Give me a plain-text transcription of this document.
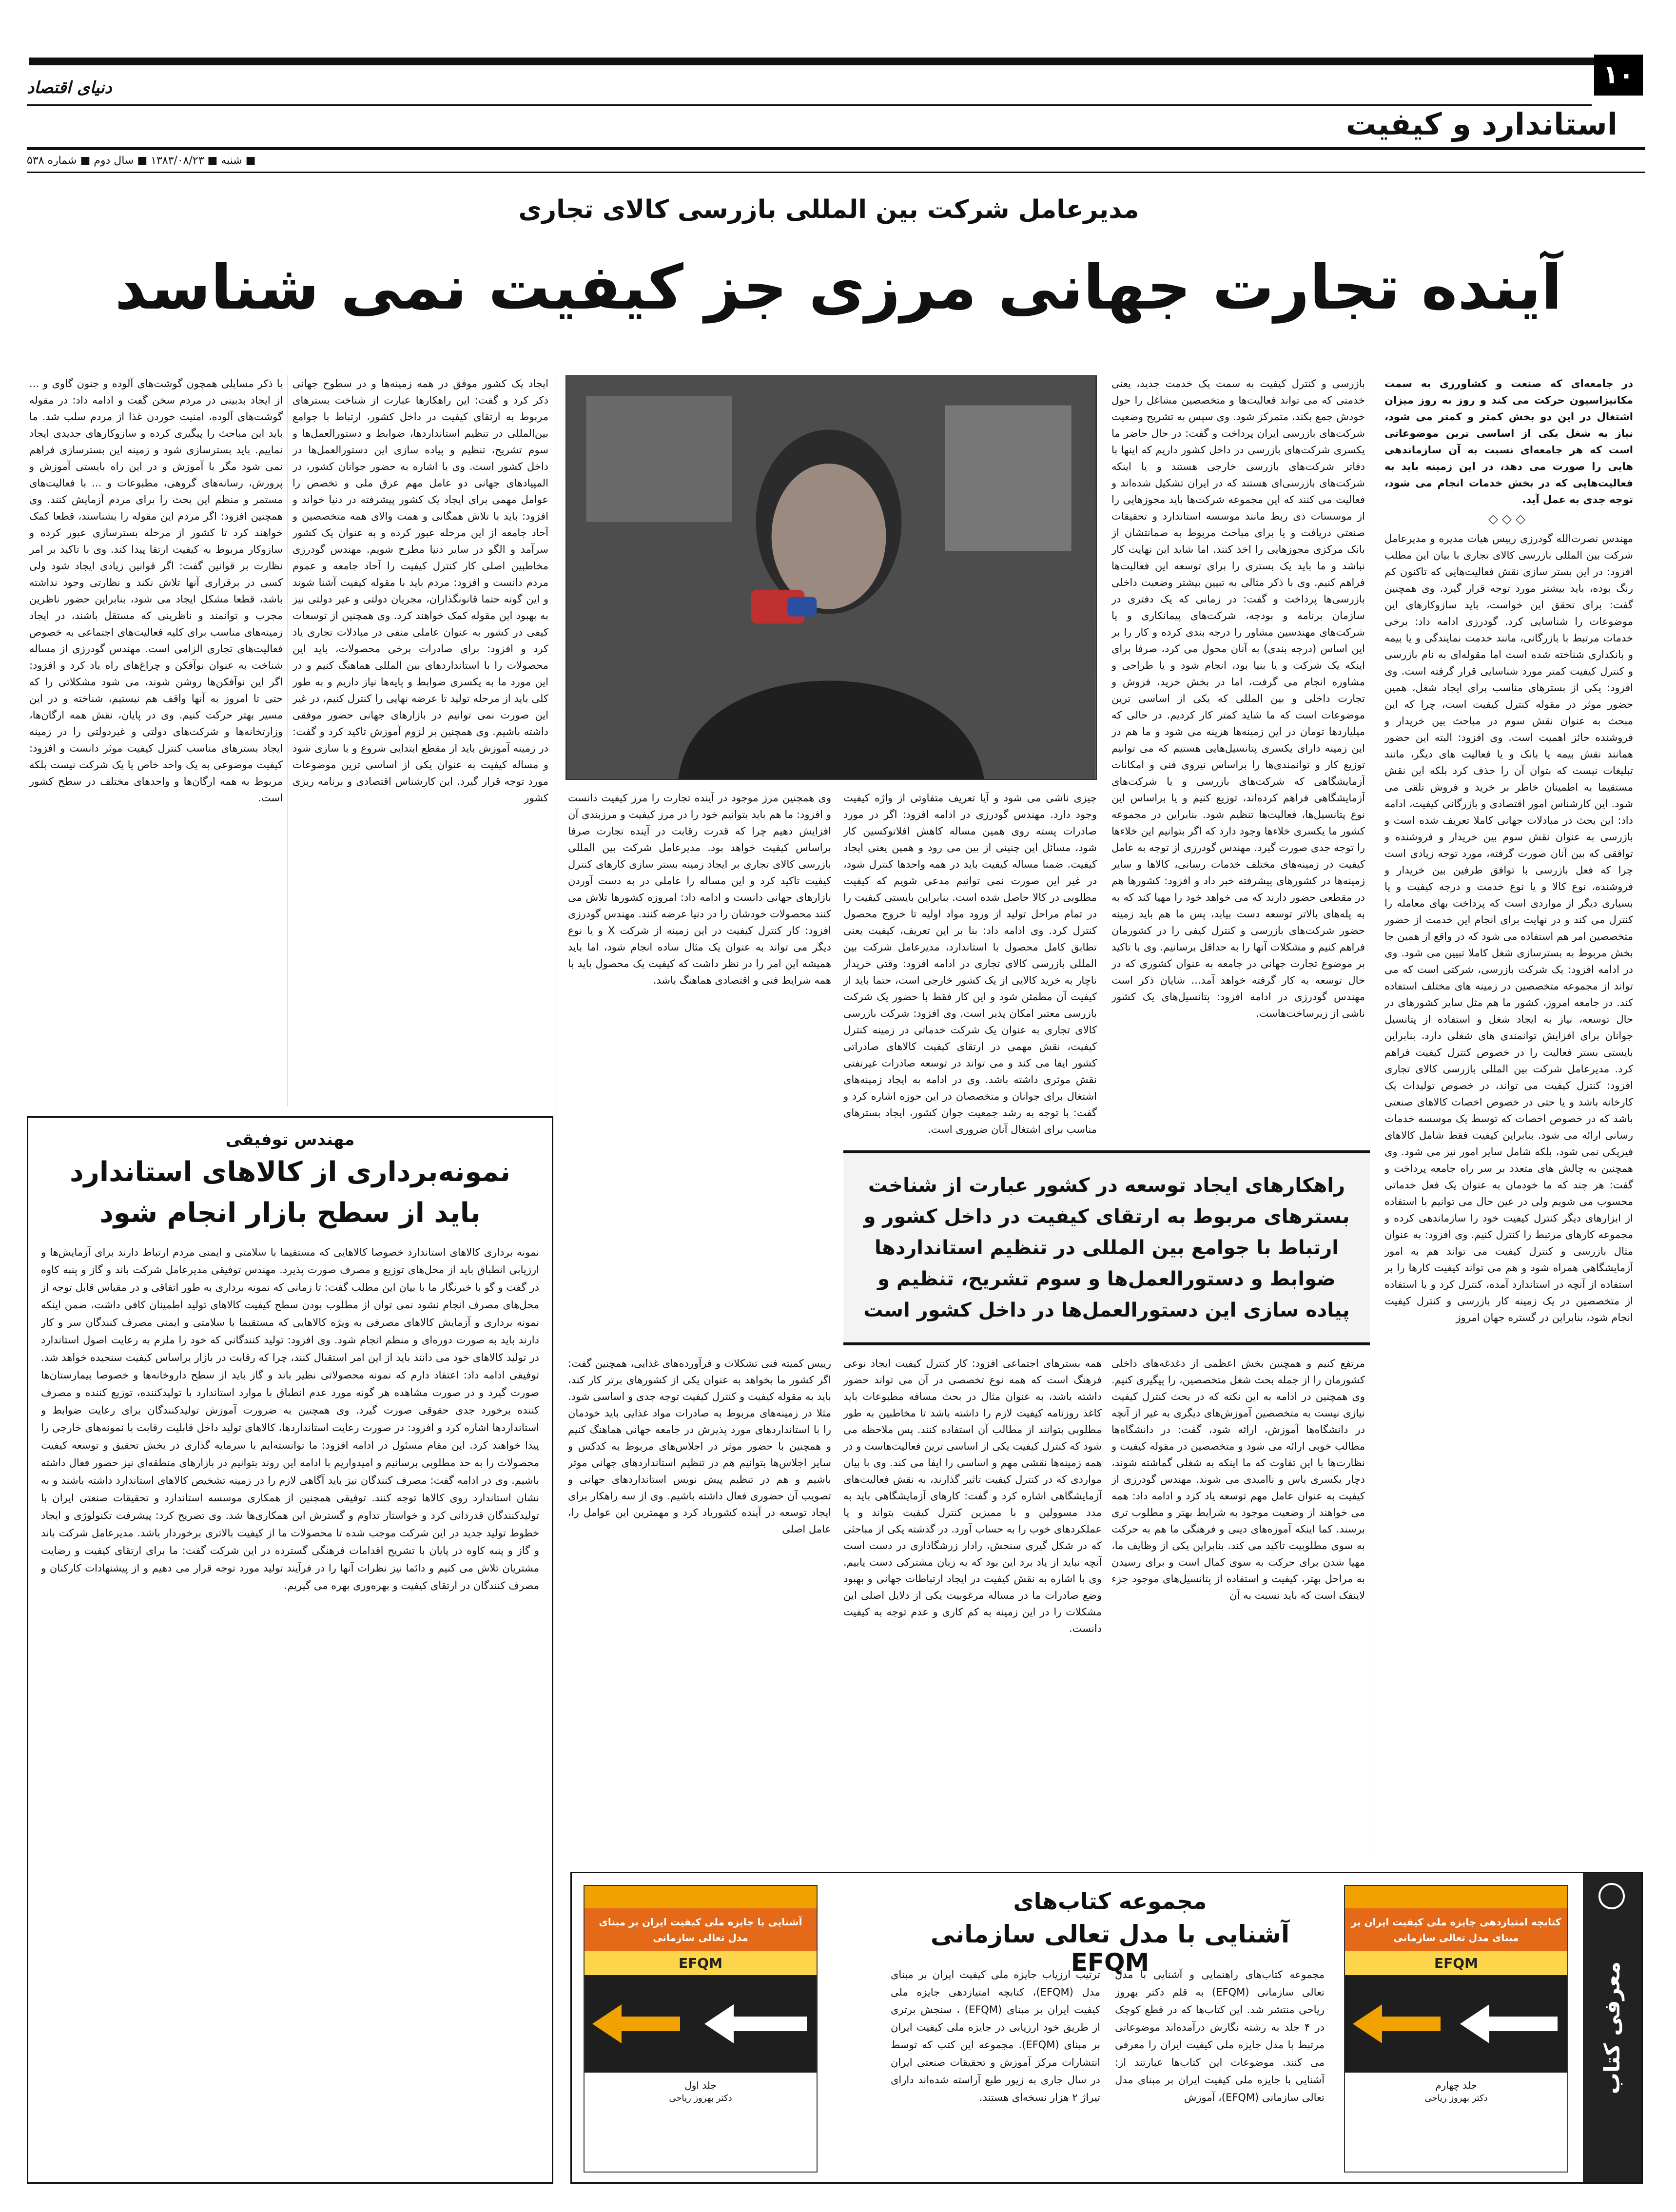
۱۰
دنیای اقتصاد
استاندارد و کیفیت
■ شنبه ■ ۱۳۸۳/۰۸/۲۳ ■ سال دوم ■ شماره ۵۳۸
مدیرعامل شرکت بین المللی بازرسی کالای تجاری
آینده تجارت جهانی مرزی جز کیفیت نمی شناسد

در جامعه‌ای که صنعت و کشاورزی به سمت مکانیزاسیون حرکت می کند و روز به روز میزان اشتغال در این دو بخش کمتر و کمتر می شود، نیاز به شغل یکی از اساسی ترین موضوعاتی است که هر جامعه‌ای نسبت به آن سازماندهی هایی را صورت می دهد، در این زمینه باید به فعالیت‌هایی که در بخش خدمات انجام می شود، توجه جدی به عمل آید.

◇◇◇

مهندس نصرت‌الله گودرزی رییس هیات مدیره و مدیرعامل شرکت بین المللی بازرسی کالای تجاری با بیان این مطلب افزود: در این بستر سازی نقش فعالیت‌هایی که تاکنون کم رنگ بوده، باید بیشتر مورد توجه قرار گیرد. وی همچنین گفت: برای تحقق این خواست، باید سازوکارهای این موضوعات را شناسایی کرد. گودرزی ادامه داد: برخی خدمات مرتبط با بازرگانی، مانند خدمت نمایندگی و یا بیمه و بانکداری شناخته شده است اما مقوله‌ای به نام بازرسی و کنترل کیفیت کمتر مورد شناسایی قرار گرفته است. وی افزود: یکی از بسترهای مناسب برای ایجاد شغل، همین حضور موثر در مقوله کنترل کیفیت است، چرا که این مبحث به عنوان نقش سوم در مباحث بین خریدار و فروشنده حائز اهمیت است. وی افزود: البته این حضور همانند نقش بیمه یا بانک و یا فعالیت های دیگر، مانند تبلیغات نیست که بتوان آن را حذف کرد بلکه این نقش مستقیما به اطمینان خاطر بر خرید و فروش تلقی می شود. این کارشناس امور اقتصادی و بازرگانی کیفیت، ادامه داد: این بحث در مبادلات جهانی کاملا تعریف شده است و بازرسی به عنوان نقش سوم بین خریدار و فروشنده و توافقی که بین آنان صورت گرفته، مورد توجه زیادی است چرا که فعل بازرسی با توافق طرفین بین خریدار و فروشنده، نوع کالا و یا نوع خدمت و درجه کیفیت و یا بسیاری دیگر از مواردی است که پرداخت بهای معامله را کنترل می کند و در نهایت برای انجام این خدمت از حضور متخصصین امر هم استفاده می شود که در واقع از همین جا بخش مربوط به بسترسازی شغل کاملا تبیین می شود. وی در ادامه افزود: یک شرکت بازرسی، شرکتی است که می تواند از مجموعه متخصصین در زمینه های مختلف استفاده کند. در جامعه امروز، کشور ما هم مثل سایر کشورهای در حال توسعه، نیاز به ایجاد شغل و استفاده از پتانسیل جوانان برای افزایش توانمندی های شغلی دارد، بنابراین بایستی بستر فعالیت را در خصوص کنترل کیفیت فراهم کرد. مدیرعامل شرکت بین المللی بازرسی کالای تجاری افزود: کنترل کیفیت می تواند، در خصوص تولیدات یک کارخانه باشد و یا حتی در خصوص اخصات کالاهای صنعتی باشد که در خصوص اخصات که توسط یک موسسه خدمات رسانی ارائه می شود. بنابراین کیفیت فقط شامل کالاهای فیزیکی نمی شود، بلکه شامل سایر امور نیز می شود. وی همچنین به چالش های متعدد بر سر راه جامعه پرداخت و گفت: هر چند که ما خودمان به عنوان یک فعل خدماتی محسوب می شویم ولی در عین حال می توانیم با استفاده از ابزارهای دیگر کنترل کیفیت خود را سازماندهی کرده و مجموعه کارهای مرتبط را کنترل کنیم. وی افزود: به عنوان مثال بازرسی و کنترل کیفیت می تواند هم به امور آزمایشگاهی همراه شود و هم می تواند کیفیت کارها را بر استفاده از آنچه در استاندارد آمده، کنترل کرد و یا استفاده از متخصصین در یک زمینه کار بازرسی و کنترل کیفیت انجام شود، بنابراین در گستره جهان امروز

بازرسی و کنترل کیفیت به سمت یک خدمت جدید، یعنی خدمتی که می تواند فعالیت‌ها و متخصصین مشاغل را حول خودش جمع بکند، متمرکز شود. وی سپس به تشریح وضعیت شرکت‌های بازرسی ایران پرداخت و گفت: در حال حاضر ما یکسری شرکت‌های بازرسی در داخل کشور داریم که اینها با دفاتر شرکت‌های بازرسی خارجی هستند و یا اینکه شرکت‌های بازرسی‌ای هستند که در ایران تشکیل شده‌اند و فعالیت می کنند که این مجموعه شرکت‌ها باید مجوزهایی را از موسسات ذی ربط مانند موسسه استاندارد و تحقیقات صنعتی دریافت و یا برای مباحث مربوط به ضمانتشان از بانک مرکزی مجوزهایی را اخذ کنند. اما شاید این نهایت کار نباشد و ما باید یک بستری را برای توسعه این فعالیت‌ها فراهم کنیم. وی با ذکر مثالی به تبیین بیشتر وضعیت داخلی بازرسی‌ها پرداخت و گفت: در زمانی که یک دفتری در سازمان برنامه و بودجه، شرکت‌های پیمانکاری و یا شرکت‌های مهندسین مشاور را درجه بندی کرده و کار را بر این اساس (درجه بندی) به آنان محول می کرد، صرفا برای اینکه یک شرکت و یا بنیا بود، انجام شود و یا طراحی و مشاوره انجام می گرفت، اما در بخش خرید، فروش و تجارت داخلی و بین المللی که یکی از اساسی ترین موضوعات است که ما شاید کمتر کار کردیم. در حالی که میلیاردها تومان در این زمینه‌ها هزینه می شود و ما هم در این زمینه دارای یکسری پتانسیل‌هایی هستیم که می توانیم توزیع کار و توانمندی‌ها را براساس نیروی فنی و امکانات آزمایشگاهی که شرکت‌های بازرسی و یا شرکت‌های آزمایشگاهی فراهم کرده‌اند، توزیع کنیم و یا براساس این نوع پتانسیل‌ها، فعالیت‌ها تنظیم شود. بنابراین در مجموعه کشور ما یکسری خلاء‌ها وجود دارد که اگر بتوانیم این خلاء‌ها را توجه جدی صورت گیرد. مهندس گودرزی از توجه به عامل کیفیت در زمینه‌های مختلف خدمات رسانی، کالاها و سایر زمینه‌ها در کشورهای پیشرفته خبر داد و افزود: کشورها هم در مقطعی حضور دارند که می خواهد خود را مهیا کند که به به پله‌های بالاتر توسعه دست بیابد، پس ما هم باید زمینه حضور شرکت‌های بازرسی و کنترل کیفی را در کشورمان فراهم کنیم و مشکلات آنها را به حداقل برسانیم. وی با تاکید بر موضوع تجارت جهانی در جامعه به عنوان کشوری که در حال توسعه به کار گرفته خواهد آمد... شایان ذکر است مهندس گودرزی در ادامه افزود: پتانسیل‌های یک کشور ناشی از زیرساخت‌هاست.

چیزی ناشی می شود و آیا تعریف متفاوتی از واژه کیفیت وجود دارد. مهندس گودرزی در ادامه افزود: اگر در مورد صادرات پسته روی همین مساله کاهش افلاتوکسین کار شود، مسائل این چنینی از بین می رود و همین یعنی ایجاد کیفیت. ضمنا مساله کیفیت باید در همه واحدها کنترل شود، در غیر این صورت نمی توانیم مدعی شویم که کیفیت مطلوبی در کالا حاصل شده است. بنابراین بایستی کیفیت را در تمام مراحل تولید از ورود مواد اولیه تا خروج محصول کنترل کرد. وی ادامه داد: بنا بر این تعریف، کیفیت یعنی تطابق کامل محصول با استاندارد، مدیرعامل شرکت بین المللی بازرسی کالای تجاری در ادامه افزود: وقتی خریدار ناچار به خرید کالایی از یک کشور خارجی است، حتما باید از کیفیت آن مطمئن شود و این کار فقط با حضور یک شرکت بازرسی معتبر امکان پذیر است. وی افزود: شرکت بازرسی کالای تجاری به عنوان یک شرکت خدماتی در زمینه کنترل کیفیت، نقش مهمی در ارتقای کیفیت کالاهای صادراتی کشور ایفا می کند و می تواند در توسعه صادرات غیرنفتی نقش موثری داشته باشد. وی در ادامه به ایجاد زمینه‌های اشتغال برای جوانان و متخصصان در این حوزه اشاره کرد و گفت: با توجه به رشد جمعیت جوان کشور، ایجاد بسترهای مناسب برای اشتغال آنان ضروری است.

ایجاد یک کشور موفق در همه زمینه‌ها و در سطوح جهانی ذکر کرد و گفت: این راهکارها عبارت از شناخت بسترهای مربوط به ارتقای کیفیت در داخل کشور، ارتباط با جوامع بین‌المللی در تنظیم استانداردها، ضوابط و دستورالعمل‌ها و سوم تشریح، تنظیم و پیاده سازی این دستورالعمل‌ها در داخل کشور است. وی با اشاره به حضور جوانان کشور، در المپیادهای جهانی دو عامل مهم عرق ملی و تخصص را عوامل مهمی برای ایجاد یک کشور پیشرفته در دنیا خواند و افزود: باید با تلاش همگانی و همت والای همه متخصصین و آحاد جامعه از این مرحله عبور کرده و به عنوان یک کشور سرآمد و الگو در سایر دنیا مطرح شویم. مهندس گودرزی مخاطبین اصلی کار کنترل کیفیت را آحاد جامعه و عموم مردم دانست و افزود: مردم باید با مقوله کیفیت آشنا شوند و این گونه حتما قانونگذاران، مجریان دولتی و غیر دولتی نیز به بهبود این مقوله کمک خواهند کرد. وی همچنین از توسعات کیفی در کشور به عنوان عاملی منفی در مبادلات تجاری یاد کرد و افزود: برای صادرات برخی محصولات، باید این محصولات را با استانداردهای بین المللی هماهنگ کنیم و در این مورد ما به یکسری ضوابط و پایه‌ها نیاز داریم و به طور کلی باید از مرحله تولید تا عرضه نهایی را کنترل کنیم، در غیر این صورت نمی توانیم در بازارهای جهانی حضور موفقی داشته باشیم. وی همچنین بر لزوم آموزش تاکید کرد و گفت: در زمینه آموزش باید از مقطع ابتدایی شروع و با سازی شود و مساله کیفیت به عنوان یکی از اساسی ترین موضوعات مورد توجه قرار گیرد. این کارشناس اقتصادی و برنامه ریزی کشور وی همچنین مرز موجود در آینده تجارت را مرز کیفیت دانست و افزود: ما هم باید بتوانیم خود را در مرز کیفیت و مرزبندی آن افزایش دهیم چرا که قدرت رقابت در آینده تجارت صرفا براساس کیفیت خواهد بود. مدیرعامل شرکت بین المللی بازرسی کالای تجاری بر ایجاد زمینه بستر سازی کارهای کنترل کیفیت تاکید کرد و این مساله را عاملی در به دست آوردن بازارهای جهانی دانست و ادامه داد: امروزه کشورها تلاش می کنند محصولات خودشان را در دنیا عرضه کنند. مهندس گودرزی افزود: کار کنترل کیفیت در این زمینه از شرکت X و یا نوع دیگر می تواند به عنوان یک مثال ساده انجام شود، اما باید همیشه این امر را در نظر داشت که کیفیت یک محصول باید با همه شرایط فنی و اقتصادی هماهنگ باشد.

با ذکر مسایلی همچون گوشت‌های آلوده و جنون گاوی و ... از ایجاد بدبینی در مردم سخن گفت و ادامه داد: در مقوله گوشت‌های آلوده، امنیت خوردن غذا از مردم سلب شد. ما باید این مباحث را پیگیری کرده و سازوکارهای جدیدی ایجاد نماییم. باید بسترسازی شود و زمینه این بسترسازی فراهم نمی شود مگر با آموزش و در این راه بایستی آموزش و پرورش، رسانه‌های گروهی، مطبوعات و ... با فعالیت‌های مستمر و منظم این بحث را برای مردم آزمایش کنند. وی همچنین افزود: اگر مردم این مقوله را بشناسند، قطعا کمک خواهند کرد تا کشور از مرحله بسترسازی عبور کرده و سازوکار مربوط به کیفیت ارتقا پیدا کند. وی با تاکید بر امر نظارت بر قوانین گفت: اگر قوانین زیادی ایجاد شود ولی کسی در برقراری آنها تلاش نکند و نظارتی وجود نداشته باشد، قطعا مشکل ایجاد می شود، بنابراین حضور ناظرین مجرب و توانمند و ناظرینی که مستقل باشند، در ایجاد زمینه‌های مناسب برای کلیه فعالیت‌های اجتماعی به خصوص فعالیت‌های تجاری الزامی است. مهندس گودرزی از مساله شناخت به عنوان نوآفکن و چراغ‌های راه یاد کرد و افزود: اگر این نوآفکن‌ها روشن شوند، می شود مشکلاتی را که حتی تا امروز به آنها واقف هم نیستیم، شناخته و در این مسیر بهتر حرکت کنیم. وی در پایان، نقش همه ارگان‌ها، وزارتخانه‌ها و شرکت‌های دولتی و غیردولتی را در زمینه ایجاد بسترهای مناسب کنترل کیفیت موثر دانست و افزود: کیفیت موضوعی به یک واحد خاص یا یک شرکت نیست بلکه مربوط به همه ارگان‌ها و واحدهای مختلف در سطح کشور است.

راهکارهای ایجاد توسعه در کشور عبارت از شناخت بسترهای مربوط به ارتقای کیفیت در داخل کشور و ارتباط با جوامع بین المللی در تنظیم استانداردها ضوابط و دستورالعمل‌ها و سوم تشریح، تنظیم و پیاده سازی این دستورالعمل‌ها در داخل کشور است

مرتفع کنیم و همچنین بخش اعظمی از دغدغه‌های داخلی کشورمان را از جمله بحث شغل متخصصین، را پیگیری کنیم. وی همچنین در ادامه به این نکته که در بحث کنترل کیفیت نیازی نیست به متخصصین آموزش‌های دیگری به غیر از آنچه در دانشگاه‌ها آموزش، ارائه شود، گفت: در دانشگاه‌ها مطالب خوبی ارائه می شود و متخصصین در مقوله کیفیت و نظارت‌ها با این تفاوت که ما اینکه به شغلی گماشته شوند، دچار یکسری یاس و ناامیدی می شوند. مهندس گودرزی از کیفیت به عنوان عامل مهم توسعه یاد کرد و ادامه داد: همه می خواهند از وضعیت موجود به شرایط بهتر و مطلوب تری برسند. کما اینکه آموزه‌های دینی و فرهنگی ما هم به حرکت به سوی مطلوبیت تاکید می کند. بنابراین یکی از وظایف ما، مهیا شدن برای حرکت به سوی کمال است و برای رسیدن به مراحل بهتر، کیفیت و استفاده از پتانسیل‌های موجود جزء لاینفک است که باید نسبت به آن

همه بسترهای اجتماعی افزود: کار کنترل کیفیت ایجاد نوعی فرهنگ است که همه نوع تخصصی در آن می تواند حضور داشته باشد، به عنوان مثال در بحث مسافه مطبوعات باید کاغذ روزنامه کیفیت لازم را داشته باشد تا مخاطبین به طور مطلوبی بتوانند از مطالب آن استفاده کنند. پس ملاحظه می شود که کنترل کیفیت یکی از اساسی ترین فعالیت‌هاست و در همه زمینه‌ها نقشی مهم و اساسی را ایفا می کند. وی با بیان مواردی که در کنترل کیفیت تاثیر گذارند، به نقش فعالیت‌های آزمایشگاهی اشاره کرد و گفت: کارهای آزمایشگاهی باید به مدد مسوولین و با ممیزین کنترل کیفیت بتواند و یا عملکردهای خوب را به حساب آورد. در گذشته یکی از مباحثی که در شکل گیری سنجش، رادار زرشگاذاری در دست است آنچه نباید از یاد برد این بود که به زبان مشترکی دست یابیم. وی با اشاره به نقش کیفیت در ایجاد ارتباطات جهانی و بهبود وضع صادرات ما در مساله مرغوبیت یکی از دلایل اصلی این مشکلات را در این زمینه به کم کاری و عدم توجه به کیفیت دانست.

رییس کمیته فنی تشکلات و فرآورده‌های غذایی، همچنین گفت: اگر کشور ما بخواهد به عنوان یکی از کشورهای برتر کار کند، باید به مقوله کیفیت و کنترل کیفیت توجه جدی و اساسی شود. مثلا در زمینه‌های مربوط به صادرات مواد غذایی باید خودمان را با استانداردهای مورد پذیرش در جامعه جهانی هماهنگ کنیم و همچنین با حضور موثر در اجلاس‌های مربوط به کدکس و سایر اجلاس‌ها بتوانیم هم در تنظیم استانداردهای جهانی موثر باشیم و هم در تنظیم پیش نویس استانداردهای جهانی و تصویب آن حضوری فعال داشته باشیم. وی از سه راهکار برای ایجاد توسعه در آینده کشوریاد کرد و مهمترین این عوامل را، عامل اصلی

مهندس توفیقی
نمونه‌برداری از کالاهای استاندارد
باید از سطح بازار انجام شود
نمونه برداری کالاهای استاندارد خصوصا کالاهایی که مستقیما با سلامتی و ایمنی مردم ارتباط دارند برای آزمایش‌ها و ارزیابی انطباق باید از محل‌های توزیع و مصرف صورت پذیرد. مهندس توفیقی مدیرعامل شرکت باند و گاز و پنبه کاوه در گفت و گو با خبرنگار ما با بیان این مطلب گفت: تا زمانی که نمونه برداری به طور اتفاقی و در مقیاس قابل توجه از محل‌های مصرف انجام نشود نمی توان از مطلوب بودن سطح کیفیت کالاهای تولید اطمینان کافی داشت، ضمن اینکه نمونه برداری و آزمایش کالاهای مصرفی به ویژه کالاهایی که مستقیما با سلامتی و ایمنی مصرف کنندگان سر و کار دارند باید به صورت دوره‌ای و منظم انجام شود. وی افزود: تولید کنندگانی که خود را ملزم به رعایت اصول استاندارد در تولید کالاهای خود می دانند باید از این امر استقبال کنند، چرا که رقابت در بازار براساس کیفیت سنجیده خواهد شد. توفیقی ادامه داد: اعتقاد دارم که نمونه محصولاتی نظیر باند و گاز باید از سطح داروخانه‌ها و خصوصا بیمارستان‌ها صورت گیرد و در صورت مشاهده هر گونه مورد عدم انطباق با موارد استاندارد با تولیدکننده، توزیع کننده و مصرف کننده برخورد جدی حقوقی صورت گیرد. وی همچنین به ضرورت آموزش تولیدکنندگان برای رعایت ضوابط و استانداردها اشاره کرد و افزود: در صورت رعایت استانداردها، کالاهای تولید داخل قابلیت رقابت با نمونه‌های خارجی را پیدا خواهند کرد. این مقام مسئول در ادامه افزود: ما توانسته‌ایم با سرمایه گذاری در بخش تحقیق و توسعه کیفیت محصولات را به حد مطلوبی برسانیم و امیدواریم با ادامه این روند بتوانیم در بازارهای منطقه‌ای نیز حضور فعال داشته باشیم. وی در ادامه گفت: مصرف کنندگان نیز باید آگاهی لازم را در زمینه تشخیص کالاهای استاندارد داشته باشند و به نشان استاندارد روی کالاها توجه کنند. توفیقی همچنین از همکاری موسسه استاندارد و تحقیقات صنعتی ایران با تولیدکنندگان قدردانی کرد و خواستار تداوم و گسترش این همکاری‌ها شد. وی تصریح کرد: پیشرفت تکنولوژی و ایجاد خطوط تولید جدید در این شرکت موجب شده تا محصولات ما از کیفیت بالاتری برخوردار باشد. مدیرعامل شرکت باند و گاز و پنبه کاوه در پایان با تشریح اقدامات فرهنگی گسترده در این شرکت گفت: ما برای ارتقای کیفیت و رضایت مشتریان تلاش می کنیم و دائما نیز نظرات آنها را در فرآیند تولید مورد توجه قرار می دهیم و از پیشنهادات کارکنان و مصرف کنندگان در ارتقای کیفیت و بهره‌وری بهره می گیریم.
معرفی کتاب
کتابچه امتیازدهی جایزه ملی کیفیت ایران بر مبنای مدل تعالی سازمانی
EFQM
جلد چهارم
دکتر بهروز ریاحی
مجموعه کتاب‌های
آشنایی با مدل تعالی سازمانی EFQM
مجموعه کتاب‌های راهنمایی و آشنایی با مدل تعالی سازمانی (EFQM) به قلم دکتر بهروز ریاحی منتشر شد. این کتاب‌ها که در قطع کوچک در ۴ جلد به رشته نگارش درآمده‌اند موضوعاتی مرتبط با مدل جایزه ملی کیفیت ایران را معرفی می کنند. موضوعات این کتاب‌ها عبارتند از: آشنایی با جایزه ملی کیفیت ایران بر مبنای مدل تعالی سازمانی (EFQM)، آموزش
ترتیب ارزیاب جایزه ملی کیفیت ایران بر مبنای مدل (EFQM)، کتابچه امتیازدهی جایزه ملی کیفیت ایران بر مبنای (EFQM) ، سنجش برتری از طریق خود ارزیابی در جایزه ملی کیفیت ایران بر مبنای (EFQM). مجموعه این کتب که توسط انتشارات مرکز آموزش و تحقیقات صنعتی ایران در سال جاری به زیور طبع آراسته شده‌اند دارای تیراژ ۲ هزار نسخه‌ای هستند.
آشنایی با جایزه ملی کیفیت ایران بر مبنای مدل تعالی سازمانی
EFQM
جلد اول
دکتر بهروز ریاحی
